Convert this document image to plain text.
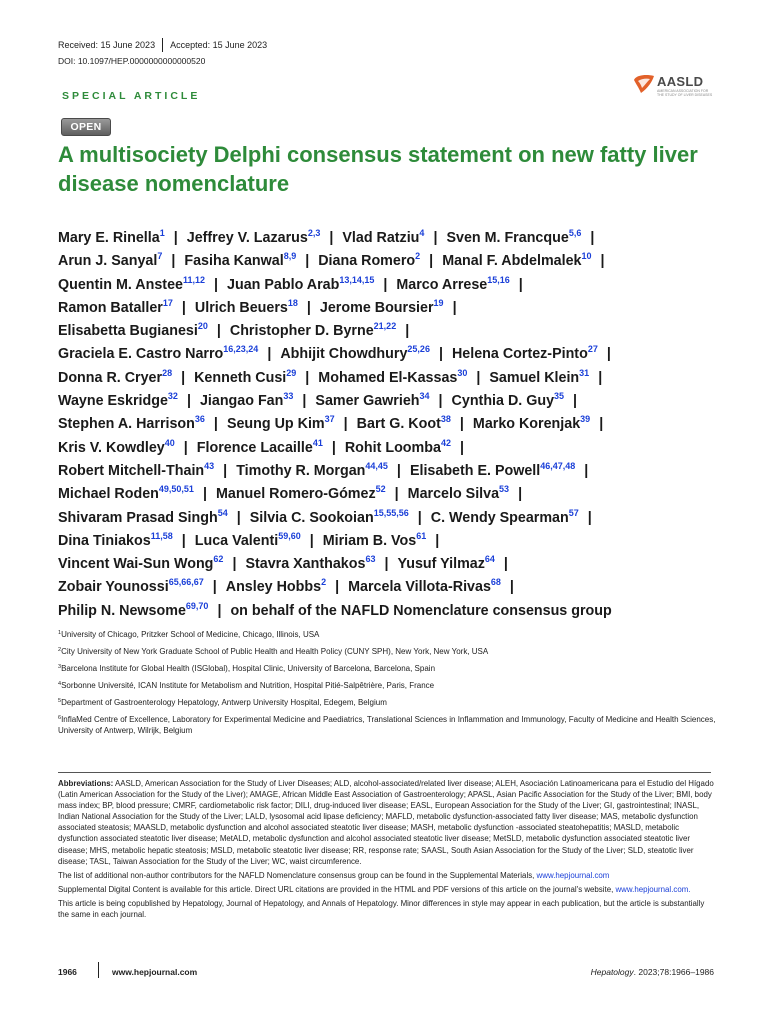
Received: 15 June 2023 Accepted: 15 June 2023
DOI: 10.1097/HEP.0000000000000520
AASLD
AMERICAN ASSOCIATION FOR THE STUDY OF LIVER DISEASES
SPECIAL ARTICLE
OPEN
A multisociety Delphi consensus statement on new fatty liver disease nomenclature
Mary E. Rinella$^1$ | Jeffrey V. Lazarus$^{2,3}$ | Vlad Ratziu$^4$ | Sven M. Francque$^{5,6}$ |
Arun J. Sanyal$^7$ | Fasiha Kanwal$^{8,9}$ | Diana Romero$^2$ | Manal F. Abdelmalek$^{10}$ |
Quentin M. Anstee$^{11,12}$ | Juan Pablo Arab$^{13,14,15}$ | Marco Arrese$^{15,16}$ |
Ramon Bataller$^{17}$ | Ulrich Beuers$^{18}$ | Jerome Boursier$^{19}$ |
Elisabetta Bugianesi$^{20}$ | Christopher D. Byrne$^{21,22}$ |
Graciela E. Castro Narro$^{16,23,24}$ | Abhijit Chowdhury$^{25,26}$ | Helena Cortez-Pinto$^{27}$ |
Donna R. Cryer$^{28}$ | Kenneth Cusi$^{29}$ | Mohamed El-Kassas$^{30}$ | Samuel Klein$^{31}$ |
Wayne Eskridge$^{32}$ | Jiangao Fan$^{33}$ | Samer Gawrieh$^{34}$ | Cynthia D. Guy$^{35}$ |
Stephen A. Harrison$^{36}$ | Seung Up Kim$^{37}$ | Bart G. Koot$^{38}$ | Marko Korenjak$^{39}$ |
Kris V. Kowdley$^{40}$ | Florence Lacaille$^{41}$ | Rohit Loomba$^{42}$ |
Robert Mitchell-Thain$^{43}$ | Timothy R. Morgan$^{44,45}$ | Elisabeth E. Powell$^{46,47,48}$ |
Michael Roden$^{49,50,51}$ | Manuel Romero-Gómez$^{52}$ | Marcelo Silva$^{53}$ |
Shivaram Prasad Singh$^{54}$ | Silvia C. Sookoian$^{15,55,56}$ | C. Wendy Spearman$^{57}$ |
Dina Tiniakos$^{11,58}$ | Luca Valenti$^{59,60}$ | Miriam B. Vos$^{61}$ |
Vincent Wai-Sun Wong$^{62}$ | Stavra Xanthakos$^{63}$ | Yusuf Yilmaz$^{64}$ |
Zobair Younossi$^{65,66,67}$ | Ansley Hobbs$^2$ | Marcela Villota-Rivas$^{68}$ |
Philip N. Newsome$^{69,70}$ | on behalf of the NAFLD Nomenclature consensus group
$^1$University of Chicago, Pritzker School of Medicine, Chicago, Illinois, USA
$^2$City University of New York Graduate School of Public Health and Health Policy (CUNY SPH), New York, New York, USA
$^3$Barcelona Institute for Global Health (ISGlobal), Hospital Clinic, University of Barcelona, Barcelona, Spain
$^4$Sorbonne Université, ICAN Institute for Metabolism and Nutrition, Hospital Pitié-Salpêtrière, Paris, France
$^5$Department of Gastroenterology Hepatology, Antwerp University Hospital, Edegem, Belgium
$^6$InflaMed Centre of Excellence, Laboratory for Experimental Medicine and Paediatrics, Translational Sciences in Inflammation and Immunology, Faculty of Medicine and Health Sciences, University of Antwerp, Wilrijk, Belgium

Abbreviations: AASLD, American Association for the Study of Liver Diseases; ALD, alcohol-associated/related liver disease; ALEH, Asociación Latinoamericana para el Estudio del Hígado (Latin American Association for the Study of the Liver); AMAGE, African Middle East Association of Gastroenterology; APASL, Asian Pacific Association for the Study of the Liver; BMI, body mass index; BP, blood pressure; CMRF, cardiometabolic risk factor; DILI, drug-induced liver disease; EASL, European Association for the Study of the Liver; GI, gastrointestinal; INASL, Indian National Association for the Study of the Liver; LALD, lysosomal acid lipase deficiency; MAFLD, metabolic dysfunction-associated fatty liver disease; MAS, metabolic dysfunction associated steatosis; MAASLD, metabolic dysfunction and alcohol associated steatotic liver disease; MASH, metabolic dysfunction -associated steatohepatitis; MASLD, metabolic dysfunction associated steatotic liver disease; MetALD, metabolic dysfunction and alcohol associated steatotic liver disease; MetSLD, metabolic dysfunction associated steatotic liver disease; MHS, metabolic hepatic steatosis; MSLD, metabolic steatotic liver disease; RR, response rate; SAASL, South Asian Association for the Study of the Liver; SLD, steatotic liver disease; TASL, Taiwan Association for the Study of the Liver; WC, waist circumference.

The list of additional non-author contributors for the NAFLD Nomenclature consensus group can be found in the Supplemental Materials, www.hepjournal.com

Supplemental Digital Content is available for this article. Direct URL citations are provided in the HTML and PDF versions of this article on the journal's website, www.hepjournal.com.

This article is being copublished by Hepatology, Journal of Hepatology, and Annals of Hepatology. Minor differences in style may appear in each publication, but the article is substantially the same in each journal.

1966	www.hepjournal.com	Hepatology. 2023;78:1966–1986
